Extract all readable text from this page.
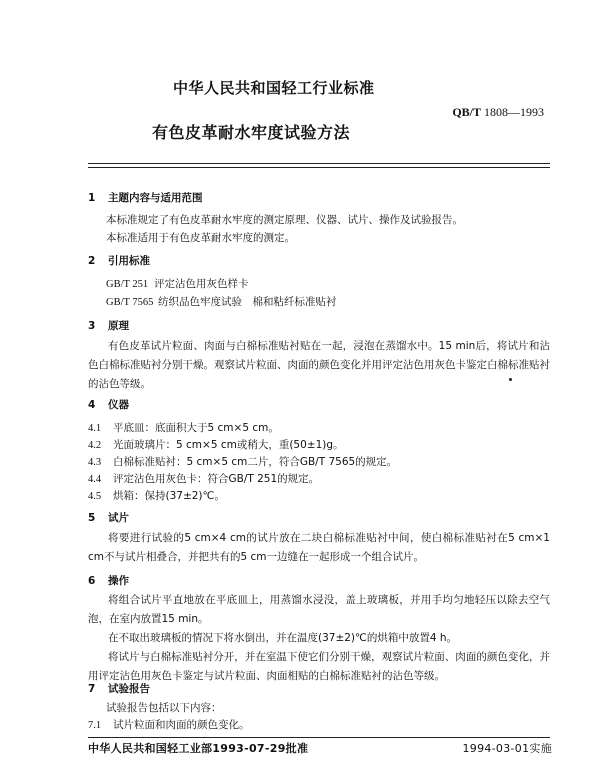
中华人民共和国轻工行业标准
QB/T 1808—1993
有色皮革耐水牢度试验方法
1 主题内容与适用范围
本标准规定了有色皮革耐水牢度的测定原理、仪器、试片、操作及试验报告。
本标准适用于有色皮革耐水牢度的测定。
2 引用标准
GB/T 251 评定沾色用灰色样卡
GB/T 7565 纺织品色牢度试验　棉和粘纤标准贴衬
3 原理

有色皮革试片粒面、肉面与白棉标准贴衬贴在一起，浸泡在蒸馏水中。15 min后，将试片和沾色白棉标准贴衬分别干燥。观察试片粒面、肉面的颜色变化并用评定沾色用灰色卡鉴定白棉标准贴衬的沾色等级。

4 仪器
4.1 平底皿：底面积大于5 cm×5 cm。
4.2 光面玻璃片：5 cm×5 cm或稍大，重(50±1)g。
4.3 白棉标准贴衬：5 cm×5 cm二片，符合GB/T 7565的规定。
4.4 评定沾色用灰色卡：符合GB/T 251的规定。
4.5 烘箱：保持(37±2)℃。
5 试片

将要进行试验的5 cm×4 cm的试片放在二块白棉标准贴衬中间，使白棉标准贴衬在5 cm×1 cm不与试片相叠合，并把共有的5 cm一边缝在一起形成一个组合试片。

6 操作

将组合试片平直地放在平底皿上，用蒸馏水浸没，盖上玻璃板，并用手均匀地轻压以除去空气泡，在室内放置15 min。

在不取出玻璃板的情况下将水倒出，并在温度(37±2)℃的烘箱中放置4 h。

将试片与白棉标准贴衬分开，并在室温下使它们分别干燥，观察试片粒面、肉面的颜色变化，并用评定沾色用灰色卡鉴定与试片粒面、肉面相贴的白棉标准贴衬的沾色等级。

7 试验报告
试验报告包括以下内容：
7.1 试片粒面和肉面的颜色变化。
中华人民共和国轻工业部1993-07-29批准	1994-03-01实施
